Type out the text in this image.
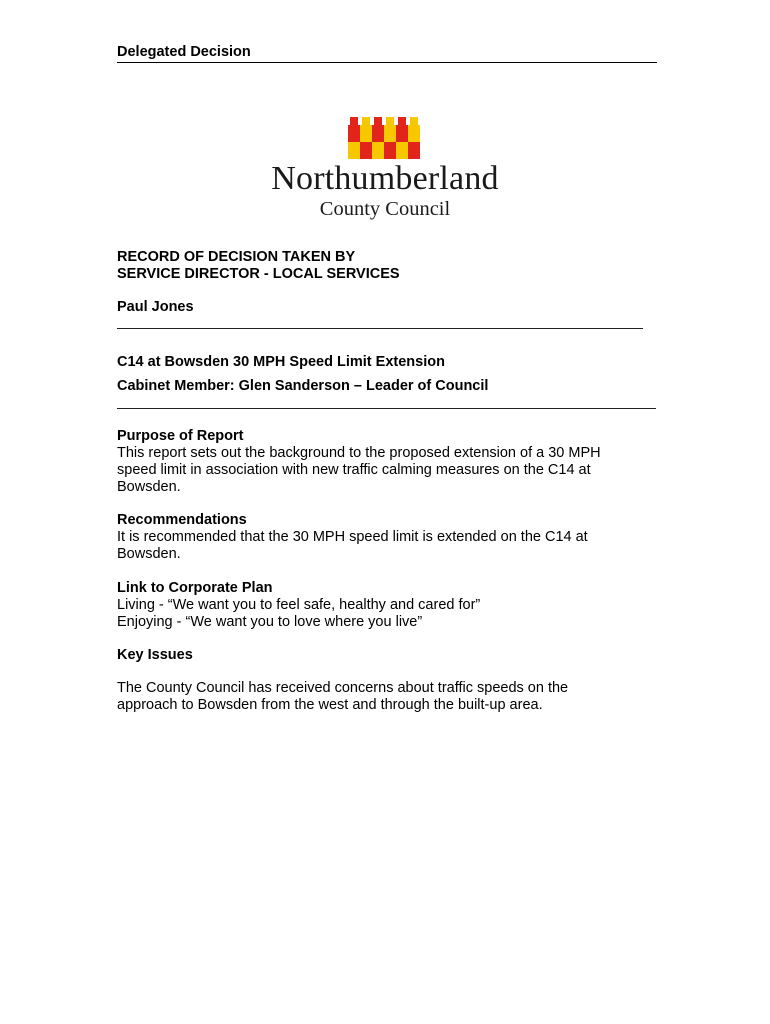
Delegated Decision
Northumberland
County Council
RECORD OF DECISION TAKEN BY
SERVICE DIRECTOR - LOCAL SERVICES
Paul Jones
C14 at Bowsden 30 MPH Speed Limit Extension
Cabinet Member: Glen Sanderson – Leader of Council
Purpose of Report
This report sets out the background to the proposed extension of a 30 MPH
speed limit in association with new traffic calming measures on the C14 at
Bowsden.
Recommendations
It is recommended that the 30 MPH speed limit is extended on the C14 at
Bowsden.
Link to Corporate Plan
Living - “We want you to feel safe, healthy and cared for”
Enjoying - “We want you to love where you live”
Key Issues
The County Council has received concerns about traffic speeds on the
approach to Bowsden from the west and through the built-up area.
